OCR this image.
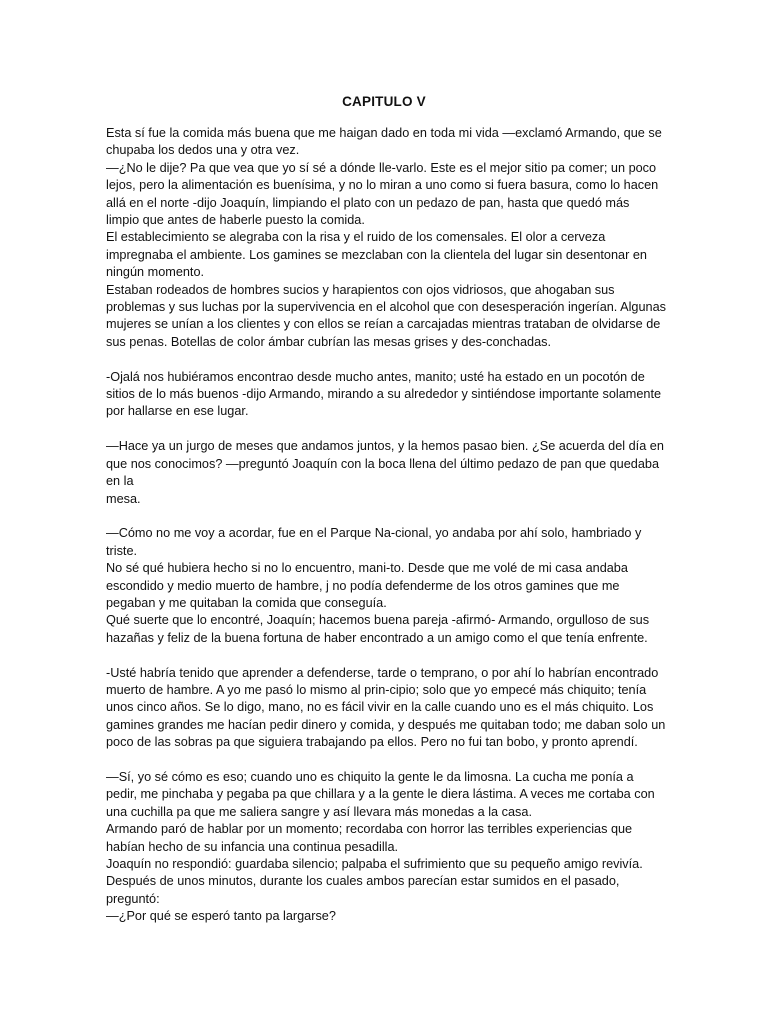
CAPITULO V

Esta sí fue la comida más buena que me haigan dado en toda mi vida —exclamó Armando, que se chupaba los dedos una y otra vez.

—¿No le dije? Pa que vea que yo sí sé a dónde lle-varlo. Este es el mejor sitio pa comer; un poco lejos, pero la alimentación es buenísima, y no lo miran a uno como si fuera basura, como lo hacen allá en el norte -dijo Joaquín, limpiando el plato con un pedazo de pan, hasta que quedó más limpio que antes de haberle puesto la comida.

El establecimiento se alegraba con la risa y el ruido de los comensales. El olor a cerveza impregnaba el ambiente. Los gamines se mezclaban con la clientela del lugar sin desentonar en ningún momento.

Estaban rodeados de hombres sucios y harapientos con ojos vidriosos, que ahogaban sus problemas y sus luchas por la supervivencia en el alcohol que con desesperación ingerían. Algunas mujeres se unían a los clientes y con ellos se reían a carcajadas mientras trataban de olvidarse de sus penas. Botellas de color ámbar cubrían las mesas grises y des-conchadas.

-Ojalá nos hubiéramos encontrao desde mucho antes, manito; usté ha estado en un pocotón de sitios de lo más buenos -dijo Armando, mirando a su alrededor y sintiéndose importante solamente por hallarse en ese lugar.

—Hace ya un jurgo de meses que andamos juntos, y la hemos pasao bien. ¿Se acuerda del día en que nos conocimos? —preguntó Joaquín con la boca llena del último pedazo de pan que quedaba en la
mesa.

—Cómo no me voy a acordar, fue en el Parque Na-cional, yo andaba por ahí solo, hambriado y triste.

No sé qué hubiera hecho si no lo encuentro, mani-to. Desde que me volé de mi casa andaba escondido y medio muerto de hambre, j no podía defenderme de los otros gamines que me pegaban y me quitaban la comida que conseguía.

Qué suerte que lo encontré, Joaquín; hacemos buena pareja -afirmó- Armando, orgulloso de sus hazañas y feliz de la buena fortuna de haber encontrado a un amigo como el que tenía enfrente.

-Usté habría tenido que aprender a defenderse, tarde o temprano, o por ahí lo habrían encontrado muerto de hambre. A yo me pasó lo mismo al prin-cipio; solo que yo empecé más chiquito; tenía unos cinco años. Se lo digo, mano, no es fácil vivir en la calle cuando uno es el más chiquito. Los gamines grandes me hacían pedir dinero y comida, y después me quitaban todo; me daban solo un poco de las sobras pa que siguiera trabajando pa ellos. Pero no fui tan bobo, y pronto aprendí.

—Sí, yo sé cómo es eso; cuando uno es chiquito la gente le da limosna. La cucha me ponía a pedir, me pinchaba y pegaba pa que chillara y a la gente le diera lástima. A veces me cortaba con una cuchilla pa que me saliera sangre y así llevara más monedas a la casa.

Armando paró de hablar por un momento; recordaba con horror las terribles experiencias que habían hecho de su infancia una continua pesadilla.

Joaquín no respondió: guardaba silencio; palpaba el sufrimiento que su pequeño amigo revivía. Después de unos minutos, durante los cuales ambos parecían estar sumidos en el pasado, preguntó:

—¿Por qué se esperó tanto pa largarse?
